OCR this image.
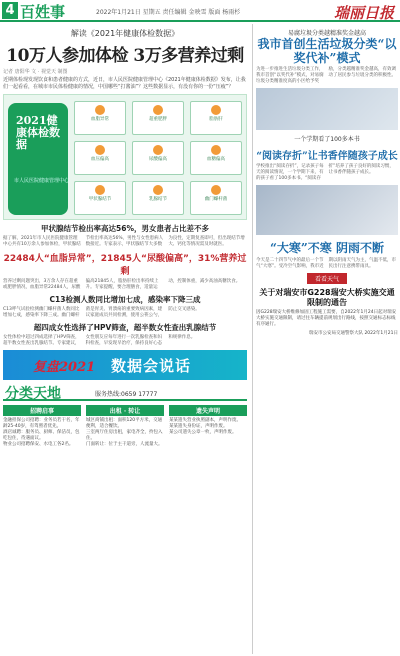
4 百姓事	2022年1月21日 星期五 责任编辑 金映雪 版面 杨雨杉	瑞丽日报
解读《2021年健康体检数据》
10万人参加体检 3万多营养过剩
记者 唐阳华 文 · 视觉天 制图
近期体检现发现饮食和患者健康的方式，近日，市人民医院健康管理中心《2021年健康体检数据》发布，让我们一起看看，在城市市民体检健康的情况，中国哪些“打酱油”？这些数据显示，有没有你的一份“压疲”？
2021健康体检数据
市人民医院健康管理中心
血脂异常	超重肥胖	脂肪肝
血压偏高	尿酸偏高	血糖偏高
甲状腺结节	乳腺结节	幽门螺杆菌
甲状腺结节检出率高达56%，男女患者占比差不多
据了解，2021年市人民医院健康管理中心共有10万余人参加体检，甲状腺结节检出率高达56%，男性与女性患病人数接近。专家表示，甲状腺结节大多数为良性，定期复查即可，但出现结节增大、钙化等情况需及时就医。
22484人“血脂异常”，21845人“尿酸偏高”，31%营养过剩
营养过剩问题突出，3万余人存在超重或肥胖情况，血脂异常22484人，尿酸偏高21845人，脂肪肝检出率持续上升。专家提醒，要合理膳食，适量运动，控制体重，减少高油高糖饮食。
C13检测人数同比增加七成，感染率下降三成
C13呼气试验检测幽门螺杆菌人数同比增加七成，感染率下降三成。幽门螺杆菌是胃炎、胃溃疡的重要致病因素，建议家庭成员共同检测，使用公筷公勺，防止交叉感染。
超四成女性选择了HPV筛查，超半数女性查出乳腺结节
女性体检中超过四成选择了HPV筛查，超半数女性查出乳腺结节。专家建议，女性朋友应每年进行一次乳腺检查和妇科检查，早发现早治疗，保持良好心态和规律作息。
复盘2021 数据会说话
分类天地	服务热线:0659 17777
招聘启事
金融担保公司招聘：业务员若干名，年龄25-40岁，有驾照者优先。
酒店诚聘：服务员、厨师、保洁员，包吃包住，待遇面议。
物业公司招聘保安、水电工各2名。
出租 · 转让
城区商铺出租：面积120平方米，交通便利，适合餐饮。
三室两厅住房出租，家电齐全，拎包入住。
门面转让：位于主干道旁，人流量大。
遗失声明
某某遗失营业执照副本，声明作废。
某某遗失身份证，声明作废。
某公司遗失公章一枚，声明作废。
易腐垃圾分类越精准奖金越高
我市首创生活垃圾分类“以奖代补”模式
为进一步推进生活垃圾分类工作，我市首创“以奖代补”模式，对易腐垃圾分类精准度高的小区给予奖励，分类越精准奖金越高，有效调动了居民参与垃圾分类的积极性。
一个学期看了100多本书
“阅读存折”让书香伴随孩子成长
学校推出“阅读存折”，记录孩子每天的阅读情况，一个学期下来，有的孩子看了100多本书。“阅读存折”培养了孩子良好的阅读习惯，让书香伴随孩子成长。
“大寒”不寒 阴雨不断
今天是二十四节气中的最后一个节气“大寒”。受冷空气影响，我市近期以阴雨天气为主，气温不低，市民出行注意携带雨具。
看看天气
关于对瑞安市G228瑞安大桥实施交通限制的通告
因G228瑞安大桥维修加固工程施工需要，自2022年1月24日起对瑞安大桥实施交通限制，请过往车辆提前规划出行路线，按照交通标志标线有序通行。
瑞安市公安局交通警察大队 2022年1月21日
